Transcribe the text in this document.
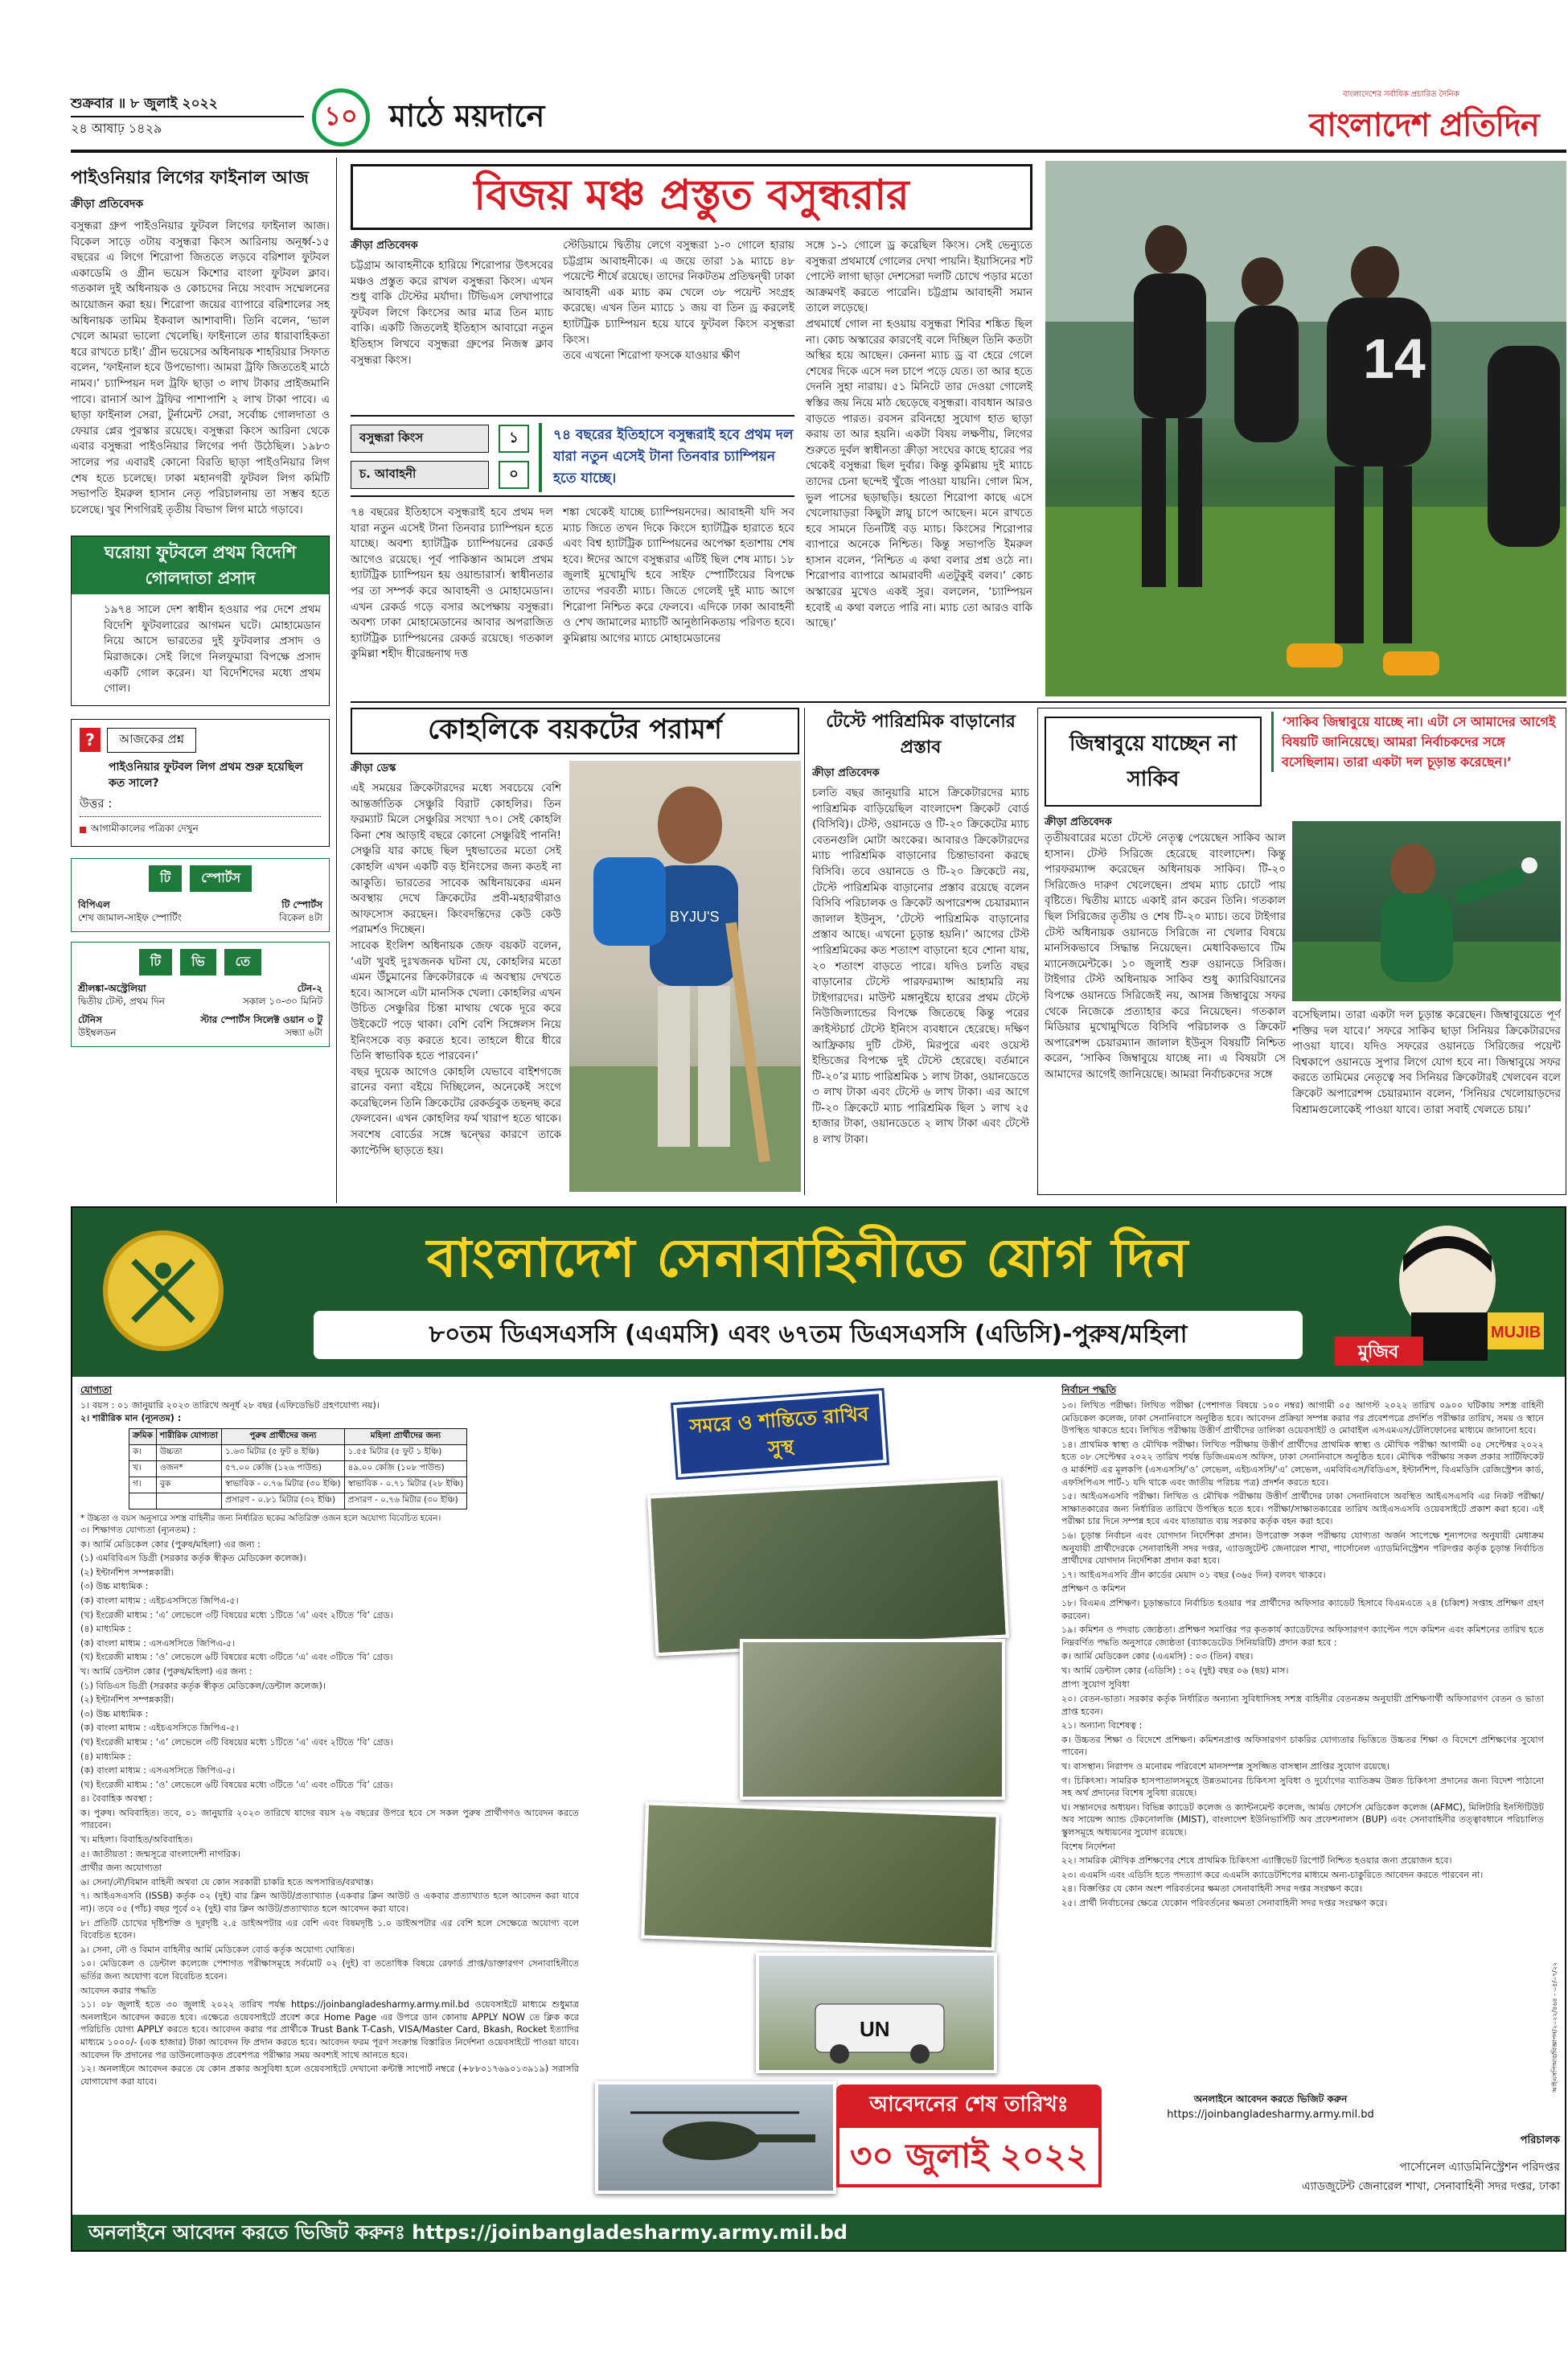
শুক্রবার ॥ ৮ জুলাই ২০২২
২৪ আষাঢ় ১৪২৯	১০ মাঠে ময়দানে
বাংলাদেশের সর্বাধিক প্রচারিত দৈনিক
বাংলাদেশ প্রতিদিন
পাইওনিয়ার লিগের ফাইনাল আজ
ক্রীড়া প্রতিবেদক
বসুন্ধরা গ্রুপ পাইওনিয়ার ফুটবল লিগের ফাইনাল আজ। বিকেল সাড়ে ৩টায় বসুন্ধরা কিংস আরিনায় অনূর্ধ্ব-১৫ বছরের এ লিগে শিরোপা জিততে লড়বে বরিশাল ফুটবল একাডেমি ও গ্রীন ভয়েস কিশোর বাংলা ফুটবল ক্লাব। গতকাল দুই অধিনায়ক ও কোচদের নিয়ে সংবাদ সম্মেলনের আয়োজন করা হয়। শিরোপা জয়ের ব্যাপারে বরিশালের সহ অধিনায়ক তামিম ইকবাল আশাবাদী। তিনি বলেন, ‘ভাল খেলে আমরা ভালো খেলেছি। ফাইনালে তার ধারাবাহিকতা ধরে রাখতে চাই।’ গ্রীন ভয়েসের অধিনায়ক শাহরিয়ার সিফাত বলেন, ‘ফাইনাল হবে উপভোগ্য। আমরা ট্রফি জিততেই মাঠে নামব।’ চ্যাম্পিয়ন দল ট্রফি ছাড়া ৩ লাখ টাকার প্রাইজমানি পাবে। রানার্স আপ ট্রফির পাশাপাশি ২ লাখ টাকা পাবে। এ ছাড়া ফাইনাল সেরা, টুর্নামেন্ট সেরা, সর্বোচ্চ গোলদাতা ও ফেয়ার প্লের পুরস্কার রয়েছে। বসুন্ধরা কিংস আরিনা থেকে এবার বসুন্ধরা পাইওনিয়ার লিগের পর্দা উঠেছিল। ১৯৮৩ সালের পর এবারই কোনো বিরতি ছাড়া পাইওনিয়ার লিগ শেষ হতে চলেছে। ঢাকা মহানগরী ফুটবল লিগ কমিটি সভাপতি ইমরুল হাসান নেতৃ পরিচালনায় তা সম্ভব হতে চলেছে। খুব শিগগিরই তৃতীয় বিভাগ লিগ মাঠে গড়াবে।
ঘরোয়া ফুটবলে প্রথম বিদেশি গোলদাতা প্রসাদ
১৯৭৪ সালে দেশ স্বাধীন হওয়ার পর দেশে প্রথম বিদেশি ফুটবলারের আগমন ঘটে। মোহামেডান নিয়ে আসে ভারতের দুই ফুটবলার প্রসাদ ও মিরাজকে। সেই লিগে নিলফুমারা বিপক্ষে প্রসাদ একটি গোল করেন। যা বিদেশিদের মধ্যে প্রথম গোল।
?	আজকের প্রশ্ন
পাইওনিয়ার ফুটবল লিগ প্রথম শুরু হয়েছিল কত সালে?
উত্তর :
আগামীকালের পত্রিকা দেখুন
টি	স্পোর্টস
বিপিএল	টি স্পোর্টস
শেখ জামাল-সাইফ স্পোর্টিং	বিকেল ৪টা
টি	ভি	তে
শ্রীলঙ্কা-অস্ট্রেলিয়া	টেন-২
দ্বিতীয় টেস্ট, প্রথম দিন	সকাল ১০-৩০ মিনিট
টেনিস	স্টার স্পোর্টস সিলেক্ট ওয়ান ৩ টু
উইম্বলডন	সন্ধ্যা ৬টা
বিজয় মঞ্চ প্রস্তুত বসুন্ধরার
ক্রীড়া প্রতিবেদক
চট্টগ্রাম আবাহনীকে হারিয়ে শিরোপার উৎসবের মঞ্চও প্রস্তুত করে রাখল বসুন্ধরা কিংস। এখন শুধু বাকি টেস্টের মর্যাদা। টিভিএস লেখাপারে ফুটবল লিগে কিংসের আর মাত্র তিন ম্যাচ বাকি। একটি জিতলেই ইতিহাস আবারো নতুন ইতিহাস লিখবে বসুন্ধরা গ্রুপের নিজস্ব ক্লাব বসুন্ধরা কিংস।
স্টেডিয়ামে দ্বিতীয় লেগে বসুন্ধরা ১-০ গোলে হারায় চট্টগ্রাম আবাহনীকে। এ জয়ে তারা ১৯ ম্যাচে ৪৮ পয়েন্টে শীর্ষে রয়েছে। তাদের নিকটতম প্রতিদ্বন্দ্বী ঢাকা আবাহনী এক ম্যাচ কম খেলে ৩৮ পয়েন্ট সংগ্রহ করেছে। এখন তিন ম্যাচে ১ জয় বা তিন ড্র করলেই হ্যাটট্রিক চ্যাম্পিয়ন হয়ে যাবে ফুটবল কিংস বসুন্ধরা কিংস।
তবে এখনো শিরোপা ফসকে যাওয়ার ক্ষীণ
সঙ্গে ১-১ গোলে ড্র করেছিল কিংস। সেই ভেন্যুতে বসুন্ধরা প্রথমার্ধে গোলের দেখা পায়নি। ইয়াসিনের শট পোস্টে লাগা ছাড়া দেশসেরা দলটি চোখে পড়ার মতো আক্রমণই করতে পারেনি। চট্টগ্রাম আবাহনী সমান তালে লড়েছে।
প্রথমার্ধে গোল না হওয়ায় বসুন্ধরা শিবির শঙ্কিত ছিল না। কোচ অস্কারের কারণেই বলে দিচ্ছিল তিনি কতটা অস্থির হয়ে আছেন। কেননা ম্যাচ ড্র বা হেরে গেলে শেষের দিকে এসে দল চাপে পড়ে যেত। তা আর হতে দেননি সুহা নারায়। ৫১ মিনিটে তার দেওয়া গোলেই স্বস্তির জয় নিয়ে মাঠ ছেড়েছে বসুন্ধরা। বাবধান আরও বাড়তে পারত। রবসন রবিনহো সুযোগ হাত ছাড়া করায় তা আর হয়নি। একটা বিষয় লক্ষণীয়, লিগের শুরুতে দুর্বল স্বাধীনতা ক্রীড়া সংঘের কাছে হারের পর থেকেই বসুন্ধরা ছিল দুর্বার। কিন্তু কুমিল্লায় দুই ম্যাচে তাদের চেনা ছন্দেই খুঁজে পাওয়া যায়নি। গোল মিস, ভুল পাসের ছড়াছড়ি। হয়তো শিরোপা কাছে এসে খেলোয়াড়রা কিছুটা স্নায়ু চাপে আছেন। মনে রাখতে হবে সামনে তিনটিই বড় ম্যাচ। কিংসের শিরোপার ব্যাপারে অনেকে নিশ্চিত। কিন্তু সভাপতি ইমরুল হাসান বলেন, ‘নিশ্চিত এ কথা বলার প্রশ্ন ওঠে না। শিরোপার ব্যাপারে আমরাবদী এতটুকুই বলব।’ কোচ অস্কারের মুখেও একই সুর। বললেন, ‘চ্যাম্পিয়ন হবোই এ কথা বলতে পারি না। ম্যাচ তো আরও বাকি আছে।’
বসুন্ধরা কিংস	১
চ. আবাহনী	০
৭৪ বছরের ইতিহাসে বসুন্ধরাই হবে প্রথম দল যারা নতুন এসেই টানা তিনবার চ্যাম্পিয়ন হতে যাচ্ছে।
৭৪ বছরের ইতিহাসে বসুন্ধরাই হবে প্রথম দল যারা নতুন এসেই টানা তিনবার চ্যাম্পিয়ন হতে যাচ্ছে। অবশ্য হ্যাটট্রিক চ্যাম্পিয়নের রেকর্ড আগেও রয়েছে। পূর্ব পাকিস্তান আমলে প্রথম হ্যাটট্রিক চ্যাম্পিয়ন হয় ওয়ান্ডারার্স। স্বাধীনতার পর তা সম্পর্ক করে আবাহনী ও মোহামেডান। এখন রেকর্ড গড়ে বসার অপেক্ষায় বসুন্ধরা। অবশ্য ঢাকা মোহামেডানের আবার অপরাজিত হ্যাটট্রিক চ্যাম্পিয়নের রেকর্ড রয়েছে। গতকাল কুমিল্লা শহীদ ধীরেন্দ্রনাথ দত্ত
শঙ্কা থেকেই যাচ্ছে চ্যাম্পিয়নদের। আবাহনী যদি সব ম্যাচ জিতে তখন দিকে কিংসে হ্যাটট্রিক হারাতে হবে এবং বিশ্ব হ্যাটট্রিক চ্যাম্পিয়নের অপেক্ষা হতাশায় শেষ হবে। ঈদের আগে বসুন্ধরার এটিই ছিল শেষ ম্যাচ। ১৮ জুলাই মুখোমুখি হবে সাইফ স্পোর্টিংয়ের বিপক্ষে তাদের পরবর্তী ম্যাচ। জিতে গেলেই দুই ম্যাচ আগে শিরোপা নিশ্চিত করে ফেলবে। এদিকে ঢাকা আবাহনী ও শেখ জামালের ম্যাচটি আনুষ্ঠানিকতায় পরিণত হবে। কুমিল্লায় আগের ম্যাচে মোহামেডানের
14
কোহলিকে বয়কটের পরামর্শ
ক্রীড়া ডেস্ক
এই সময়ের ক্রিকেটারদের মধ্যে সবচেয়ে বেশি আন্তর্জাতিক সেঞ্চুরি বিরাট কোহলির। তিন ফরম্যাট মিলে সেঞ্চুরির সংখ্যা ৭০। সেই কোহলি কিনা শেষ আড়াই বছরে কোনো সেঞ্চুরিই পাননি! সেঞ্চুরি যার কাছে ছিল দুধভাতের মতো সেই কোহলি এখন একটি বড় ইনিংসের জন্য কতই না আকুতি। ভারতের সাবেক অধিনায়কের এমন অবস্থায় দেখে ক্রিকেটের প্রবী-মহারথীরাও আফসোস করছেন। কিংবদন্তিদের কেউ কেউ পরামর্শও দিচ্ছেন।
সাবেক ইংলিশ অধিনায়ক জেফ বয়কট বলেন, ‘এটা খুবই দুঃখজনক ঘটনা যে, কোহলির মতো এমন উঁচুমানের ক্রিকেটারকে এ অবস্থায় দেখতে হবে। আসলে এটা মানসিক খেলা। কোহলির এখন উচিত সেঞ্চুরির চিন্তা মাথায় থেকে দূরে করে উইকেটে পড়ে থাকা। বেশি বেশি সিঙ্গেলস নিয়ে ইনিংসকে বড় করতে হবে। তাহলে ধীরে ধীরে তিনি স্বাভাবিক হতে পারবেন।’
বছর দুয়েক আগেও কোহলি যেভাবে বাইশগজে রানের বন্যা বইয়ে দিচ্ছিলেন, অনেকেই সংগে করেছিলেন তিনি ক্রিকেটের রেকর্ডবুক তছনছ করে ফেলবেন। এখন কোহলির ফর্ম খারাপ হতে থাকে। সবশেষ বোর্ডের সঙ্গে দ্বন্দ্বের কারণে তাকে ক্যাপ্টেন্সি ছাড়তে হয়।
BYJU'S
টেস্টে পারিশ্রমিক বাড়ানোর প্রস্তাব
ক্রীড়া প্রতিবেদক
চলতি বছর জানুয়ারি মাসে ক্রিকেটারদের ম্যাচ পারিশ্রমিক বাড়িয়েছিল বাংলাদেশ ক্রিকেট বোর্ড (বিসিবি)। টেস্ট, ওয়ানডে ও টি-২০ ক্রিকেটের ম্যাচ বেতনগুলি মোটা অংকের। আবারও ক্রিকেটারদের ম্যাচ পারিশ্রমিক বাড়ানোর চিন্তাভাবনা করছে বিসিবি। তবে ওয়ানডে ও টি-২০ ক্রিকেটে নয়, টেস্টে পারিশ্রমিক বাড়ানোর প্রস্তাব রয়েছে বলেন বিসিবি পরিচালক ও ক্রিকেট অপারেশন্স চেয়ারম্যান জালাল ইউনুস, ‘টেস্টে পারিশ্রমিক বাড়ানোর প্রস্তাব আছে। এখনো চূড়ান্ত হয়নি।’ আগের টেস্ট পারিশ্রমিকের কত শতাংশ বাড়ানো হবে শোনা যায়, ২০ শতাংশ বাড়তে পারে। যদিও চলতি বছর বাড়ানোর টেস্টে পারফরম্যান্স আহামরি নয় টাইগারদের। মাউন্ট মঙ্গানুইয়ে হারের প্রথম টেস্টে নিউজিল্যান্ডের বিপক্ষে জিতেছে কিন্তু পরের ক্রাইস্টচার্চ টেস্টে ইনিংস ব্যবধানে হেরেছে। দক্ষিণ আফ্রিকায় দুটি টেস্ট, মিরপুরে এবং ওয়েস্ট ইন্ডিজের বিপক্ষে দুই টেস্টে হেরেছে। বর্তমানে টি-২০’র ম্যাচ পারিশ্রমিক ১ লাখ টাকা, ওয়ানডেতে ৩ লাখ টাকা এবং টেস্টে ৬ লাখ টাকা। এর আগে টি-২০ ক্রিকেটে ম্যাচ পারিশ্রমিক ছিল ১ লাখ ২৫ হাজার টাকা, ওয়ানডেতে ২ লাখ টাকা এবং টেস্টে ৪ লাখ টাকা।
জিম্বাবুয়ে যাচ্ছেন না সাকিব
‘সাকিব জিম্বাবুয়ে যাচ্ছে না। এটা সে আমাদের আগেই বিষয়টি জানিয়েছে। আমরা নির্বাচকদের সঙ্গে বসেছিলাম। তারা একটা দল চূড়ান্ত করেছেন।’
ক্রীড়া প্রতিবেদক
তৃতীয়বারের মতো টেস্টে নেতৃত্ব পেয়েছেন সাকিব আল হাসান। টেস্ট সিরিজে হেরেছে বাংলাদেশ। কিন্তু পারফরম্যান্স করেছেন অধিনায়ক সাকিব। টি-২০ সিরিজেও দারুণ খেলেছেন। প্রথম ম্যাচ চোটে পায় বৃষ্টিতে। দ্বিতীয় ম্যাচে একাই রান করেন তিনি। গতকাল ছিল সিরিজের তৃতীয় ও শেষ টি-২০ ম্যাচ। তবে টাইগার টেস্ট অধিনায়ক ওয়ানডে সিরিজে না খেলার বিষয়ে মানসিকভাবে সিদ্ধান্ত নিয়েছেন। মেধাবিকভাবে টিম ম্যানেজমেন্টকে। ১০ জুলাই শুরু ওয়ানডে সিরিজ। টাইগার টেস্ট অধিনায়ক সাকিব শুধু ক্যারিবিয়ানের বিপক্ষে ওয়ানডে সিরিজেই নয়, আসন্ন জিম্বাবুয়ে সফর থেকে নিজেকে প্রত্যাহার করে নিয়েছেন। গতকাল মিডিয়ার মুখোমুখিতে বিসিবি পরিচালক ও ক্রিকেট অপারেশন্স চেয়ারম্যান জালাল ইউনুস বিষয়টি নিশ্চিত করেন, ‘সাকিব জিম্বাবুয়ে যাচ্ছে না। এ বিষয়টা সে আমাদের আগেই জানিয়েছে। আমরা নির্বাচকদের সঙ্গে
বসেছিলাম। তারা একটা দল চূড়ান্ত করেছেন। জিম্বাবুয়েতে পূর্ণ শক্তির দল যাবে।’ সফরে সাকিব ছাড়া সিনিয়র ক্রিকেটারদের পাওয়া যাবে। যদিও সফরের ওয়ানডে সিরিজের পয়েন্ট বিশ্বকাপে ওয়ানডে সুপার লিগে যোগ হবে না। জিম্বাবুয়ে সফর করতে তামিমের নেতৃত্বে সব সিনিয়র ক্রিকেটারই খেলবেন বলে ক্রিকেট অপারেশন্স চেয়ারম্যান বলেন, ‘সিনিয়র খেলোয়াড়দের বিশ্রামগুলোকেই পাওয়া যাবে। তারা সবাই খেলতে চায়।’
বাংলাদেশ সেনাবাহিনীতে যোগ দিন
৮০তম ডিএসএসসি (এএমসি) এবং ৬৭তম ডিএসএসসি (এডিসি)-পুরুষ/মহিলা	MUJIB
মুজিব
যোগ্যতা
১। বয়স : ০১ জানুয়ারি ২০২৩ তারিখে অনূর্ধ ২৮ বছর (এফিডেভিট গ্রহণযোগ্য নয়)।
২। শারীরিক মান (ন্যূনতম) :
ক্রমিক	শারীরিক যোগ্যতা	পুরুষ প্রার্থীদের জন্য	মহিলা প্রার্থীদের জন্য
ক।	উচ্চতা	১.৬৩ মিটার (৫ ফুট ৪ ইঞ্চি)	১.৫৫ মিটার (৫ ফুট ১ ইঞ্চি)
খ।	ওজন*	৫৭.০০ কেজি (১২৬ পাউন্ড)	৪৯.০০ কেজি (১০৮ পাউন্ড)
গ।	বুক	স্বাভাবিক - ০.৭৬ মিটার (৩০ ইঞ্চি)	স্বাভাবিক - ০.৭১ মিটার (২৮ ইঞ্চি)
		প্রসারণ - ০.৮১ মিটার (৩২ ইঞ্চি)	প্রসারণ - ০.৭৬ মিটার (৩০ ইঞ্চি)
* উচ্চতা ও বয়স অনুসারে সশস্ত্র বাহিনীর জন্য নির্ধারিত ছকের অতিরিক্ত ওজন হলে অযোগ্য বিবেচিত হবেন।
৩। শিক্ষাগত যোগ্যতা (ন্যূনতম) :
ক। আর্মি মেডিকেল কোর (পুরুষ/মহিলা) এর জন্য :
(১) এমবিবিএস ডিগ্রী (সরকার কর্তৃক স্বীকৃত মেডিকেল কলেজ)।
(২) ইন্টার্নশিপ সম্পন্নকারী।
(৩) উচ্চ মাধ্যমিক :
(ক) বাংলা মাধ্যম : এইচএসসিতে জিপিএ-৫।
(খ) ইংরেজী মাধ্যম : ‘এ’ লেভেলে ৩টি বিষয়ের মধ্যে ১টিতে ‘এ’ এবং ২টিতে ‘বি’ গ্রেড।
(৪) মাধ্যমিক :
(ক) বাংলা মাধ্যম : এসএসসিতে জিপিএ-৫।
(খ) ইংরেজী মাধ্যম : ‘ও’ লেভেলে ৬টি বিষয়ের মধ্যে ৩টিতে ‘এ’ এবং ৩টিতে ‘বি’ গ্রেড।
খ। আর্মি ডেন্টাল কোর (পুরুষ/মহিলা) এর জন্য :
(১) বিডিএস ডিগ্রী (সরকার কর্তৃক স্বীকৃত মেডিকেল/ডেন্টাল কলেজ)।
(২) ইন্টার্নশিপ সম্পন্নকারী।
(৩) উচ্চ মাধ্যমিক :
(ক) বাংলা মাধ্যম : এইচএসসিতে জিপিএ-৫।
(খ) ইংরেজী মাধ্যম : ‘এ’ লেভেলে ৩টি বিষয়ের মধ্যে ১টিতে ‘এ’ এবং ২টিতে ‘বি’ গ্রেড।
(৪) মাধ্যমিক :
(ক) বাংলা মাধ্যম : এসএসসিতে জিপিএ-৫।
(খ) ইংরেজী মাধ্যম : ‘ও’ লেভেলে ৬টি বিষয়ের মধ্যে ৩টিতে ‘এ’ এবং ৩টিতে ‘বি’ গ্রেড।
৪। বৈবাহিক অবস্থা :
ক। পুরুষ। অবিবাহিত। তবে, ০১ জানুয়ারি ২০২৩ তারিখে যাদের বয়স ২৬ বছরের উপরে হবে সে সকল পুরুষ প্রার্থীগণও আবেদন করতে পারবেন।
খ। মহিলা। বিবাহিত/অবিবাহিত।
৫। জাতীয়তা : জন্মসূত্রে বাংলাদেশী নাগরিক।
প্রার্থীর জন্য অযোগ্যতা
৬। সেনা/নৌ/বিমান বাহিনী অথবা যে কোন সরকারী চাকরি হতে অপসারিত/বরখাস্ত।
৭। আইএসএসবি (ISSB) কর্তৃক ০২ (দুই) বার ক্লিন আউট/প্রত্যাখ্যাত (একবার ক্লিন আউট ও একবার প্রত্যাখ্যাত হলে আবেদন করা যাবে না)। তবে ০৫ (পাঁচ) বছর পূর্বে ০২ (দুই) বার ক্লিন আউট/প্রত্যাখ্যাত হলে আবেদন করা যাবে।
৮। প্রতিটি চোখের দৃষ্টিশক্তি ও দূরদৃষ্টি ২.৫ ডাইঅপটার এর বেশি এবং বিষমদৃষ্টি ১.০ ডাইঅপটার এর বেশি হলে সেক্ষেত্রে অযোগ্য বলে বিবেচিত হবেন।
৯। সেনা, নৌ ও বিমান বাহিনীর আর্মি মেডিকেল বোর্ড কর্তৃক অযোগ্য ঘোষিত।
১০। মেডিকেল ও ডেন্টাল কলেজে পেশাগত পরীক্ষাসমূহে সর্বমোট ০২ (দুই) বা ততোধিক বিষয়ে রেফার্ড প্রাপ্ত/ডাক্তারগণ সেনাবাহিনীতে ভর্তির জন্য অযোগ্য বলে বিবেচিত হবেন।
আবেদন করার পদ্ধতি
১১। ০৮ জুলাই হতে ৩০ জুলাই ২০২২ তারিখ পর্যন্ত https://joinbangladesharmy.army.mil.bd ওয়েবসাইটে মাধ্যমে শুধুমাত্র অনলাইনে আবেদন করতে হবে। এক্ষেত্রে ওয়েবসাইটে প্রবেশ করে Home Page এর উপরে ডান কোনায় APPLY NOW তে ক্লিক করে পরিচিতি যোগ্য APPLY করতে হবে। আবেদন করার পর প্রার্থীকে Trust Bank T-Cash, VISA/Master Card, Bkash, Rocket ইত্যাদির মাধ্যমে ১০০০/- (এক হাজার) টাকা আবেদন ফি প্রদান করতে হবে। আবেদন ফরম পূরণ সংক্রান্ত বিস্তারিত নির্দেশনা ওয়েবসাইটে পাওয়া যাবে। আবেদন ফি প্রদানের পর ডাউনলোডকৃত প্রবেশপত্র পরীক্ষার সময় অবশ্যই সাথে আনতে হবে।
১২। অনলাইনে আবেদন করতে যে কোন প্রকার অসুবিধা হলে ওয়েবসাইটে দেখানো কন্টাক্ট সাপোর্ট নম্বরে (+৮৮০১৭৬৯০১৩৯১৯) সরাসরি যোগাযোগ করা যাবে।
সমরে ও শান্তিতে রাখিব সুস্থ
UN
আবেদনের শেষ তারিখঃ
৩০ জুলাই ২০২২
নির্বাচন পদ্ধতি
১৩। লিখিত পরীক্ষা। লিখিত পরীক্ষা (পেশাগত বিষয়ে ১০০ নম্বর) আগামী ০৫ আগস্ট ২০২২ তারিখ ০৯০০ ঘটিকায় সশস্ত্র বাহিনী মেডিকেল কলেজ, ঢাকা সেনানিবাসে অনুষ্ঠিত হবে। আবেদন প্রক্রিয়া সম্পন্ন করার পর প্রবেশপত্রে প্রদর্শিত পরীক্ষার তারিখ, সময় ও স্থানে উপস্থিত থাকতে হবে। লিখিত পরীক্ষায় উত্তীর্ণ প্রার্থীদের তালিকা ওয়েবসাইট ও মোবাইল এসএমএস/টেলিফোনের মাধ্যমে জানানো হবে।
১৪। প্রাথমিক স্বাস্থ্য ও মৌখিক পরীক্ষা। লিখিত পরীক্ষায় উত্তীর্ণ প্রার্থীদের প্রাথমিক স্বাস্থ্য ও মৌখিক পরীক্ষা আগামী ০৫ সেপ্টেম্বর ২০২২ হতে ০৮ সেপ্টেম্বর ২০২২ তারিখ পর্যন্ত ডিজিএমএস অফিস, ঢাকা সেনানিবাসে অনুষ্ঠিত হবে। মৌখিক পরীক্ষায় সকল প্রকার সার্টিফিকেট ও মার্কশিট এর মূলকপি (এসএসসি/‘ও’ লেভেল, এইচএসসি/‘এ’ লেভেল, এমবিবিএস/বিডিএস, ইন্টার্নশিপ, বিএমডিসি রেজিস্ট্রেশন কার্ড, এফসিপিএস পার্ট-১ যদি থাকে এবং জাতীয় পরিচয় পত্র) প্রদর্শন করতে হবে।
১৫। আইএসএসবি পরীক্ষা। লিখিত ও মৌখিক পরীক্ষায় উত্তীর্ণ প্রার্থীদের ঢাকা সেনানিবাসে অবস্থিত আইএসএসবি এর নিকট পরীক্ষা/সাক্ষাতকারের জন্য নির্ধারিত তারিখে উপস্থিত হতে হবে। পরীক্ষা/সাক্ষাতকারের তারিখ আইএসএসবি ওয়েবসাইটে প্রকাশ করা হবে। এই পরীক্ষা চার দিনে সম্পন্ন হবে এবং যাতায়াত ব্যয় সরকার কর্তৃক বহন করা হবে।
১৬। চূড়ান্ত নির্বাচন এবং যোগদান নির্দেশিকা প্রদান। উপরোক্ত সকল পরীক্ষায় যোগ্যতা অর্জন সাপেক্ষে শূন্যপদের অনুযায়ী মেধাক্রম অনুযায়ী প্রার্থীদেরকে সেনাবাহিনী সদর দপ্তর, এ্যাডজুটেন্ট জেনারেল শাখা, পার্সোনেল এ্যাডমিনিস্ট্রেশন পরিদপ্তর কর্তৃক চূড়ান্ত নির্বাচিত প্রার্থীদের যোগদান নির্দেশিকা প্রদান করা হবে।
১৭। আইএসএসবি গ্রীন কার্ডের মেয়াদ ০১ বছর (৩৬৫ দিন) বলবৎ থাকবে।
প্রশিক্ষণ ও কমিশন
১৮। বিএমএ প্রশিক্ষণ। চূড়ান্তভাবে নির্বাচিত হওয়ার পর প্রার্থীদের অফিসার ক্যাডেট হিসাবে বিএমএতে ২৪ (চব্বিশ) সপ্তাহ প্রশিক্ষণ গ্রহণ করবেন।
১৯। কমিশন ও পদবাচ জ্যেষ্ঠতা। প্রশিক্ষণ সমাপ্তির পর কৃতকার্য ক্যাডেটদের অফিসারগণ ক্যাপ্টেন পদে কমিশন এবং কমিশনের তারিখ হতে নিম্নবর্ণিত পদ্ধতি অনুসারে জ্যেষ্ঠতা (ব্যাকডেটেড সিনিয়রিটি) প্রদান করা হবে :
ক। আর্মি মেডিকেল কোর (এএমসি) : ০৩ (তিন) বছর।
খ। আর্মি ডেন্টাল কোর (এডিসি) : ০২ (দুই) বছর ০৬ (ছয়) মাস।
প্রাপ্য সুযোগ সুবিধা
২০। বেতন-ভাতা। সরকার কর্তৃক নির্ধারিত অন্যান্য সুবিধাদিসহ সশস্ত্র বাহিনীর বেতনক্রম অনুযায়ী প্রশিক্ষণার্থী অফিসারগণ বেতন ও ভাতা প্রাপ্ত হবেন।
২১। অন্যান্য বিশেষত্ব :
ক। উচ্চতর শিক্ষা ও বিদেশে প্রশিক্ষণ। কমিশনপ্রাপ্ত অফিসারগণ চাকরির যোগ্যতার ভিত্তিতে উচ্চতর শিক্ষা ও বিদেশে প্রশিক্ষণের সুযোগ পাবেন।
খ। বাসস্থান। নিরাপদ ও মনোরম পরিবেশে মানসম্পন্ন সুসজ্জিত বাসস্থান প্রাপ্তির সুযোগ রয়েছে।
গ। চিকিৎসা। সামরিক হাসপাতালসমূহে উন্নতমানের চিকিৎসা সুবিধা ও দুর্যোগের ব্যাতিক্রম উন্নত চিকিৎসা প্রদানের জন্য বিদেশ পাঠানো সহ অর্থ প্রদানের বিশেষ সুবিধা রয়েছে।
ঘ। সন্তানদের অধ্যয়ন। বিভিন্ন ক্যাডেট কলেজ ও ক্যান্টনমেন্ট কলেজ, আর্মড ফোর্সেস মেডিকেল কলেজ (AFMC), মিলিটারি ইনস্টিটিউট অব সায়েন্স অ্যান্ড টেকনোলজি (MIST), বাংলাদেশ ইউনিভার্সিটি অব প্রফেশনালস (BUP) এবং সেনাবাহিনীর তত্ত্বাবধানে পরিচালিত স্কুলসমূহে অধ্যয়নের সুযোগ রয়েছে।
বিশেষ নির্দেশনা
২২। সামরিক মৌখিক প্রশিক্ষণের শেষে প্রাথমিক চিকিৎসা এ্যাক্টিভেট রিপোর্ট নিশ্চিত হওয়ার জন্য প্রয়োজন হবে।
২৩। এএমসি এবং এডিসি হতে পদত্যাগ করে এএমসি ক্যাডেটশিপের মাধ্যমে অন্য-চাকুরিতে আবেদন করতে পারবেন না।
২৪। বিজ্ঞপ্তির যে কোন অংশ পরিবর্তনের ক্ষমতা সেনাবাহিনী সদর দপ্তর সংরক্ষণ করে।
২৫। প্রার্থী নির্বাচনের ক্ষেত্রে যেকোন পরিবর্তনের ক্ষমতা সেনাবাহিনী সদর দপ্তর সংরক্ষণ করে।
অনলাইনে আবেদন করতে ভিজিট করুন
https://joinbangladesharmy.army.mil.bd
পরিচালক
পার্সোনেল এ্যাডমিনিস্ট্রেশন পরিদপ্তর
এ্যাডজুটেন্ট জেনারেল শাখা, সেনাবাহিনী সদর দপ্তর, ঢাকা
আইএসপিআর/বিজ্ঞাপন/২০২২/৪৬৪ - ০৫/০৭/২২
অনলাইনে আবেদন করতে ভিজিট করুনঃ https://joinbangladesharmy.army.mil.bd
